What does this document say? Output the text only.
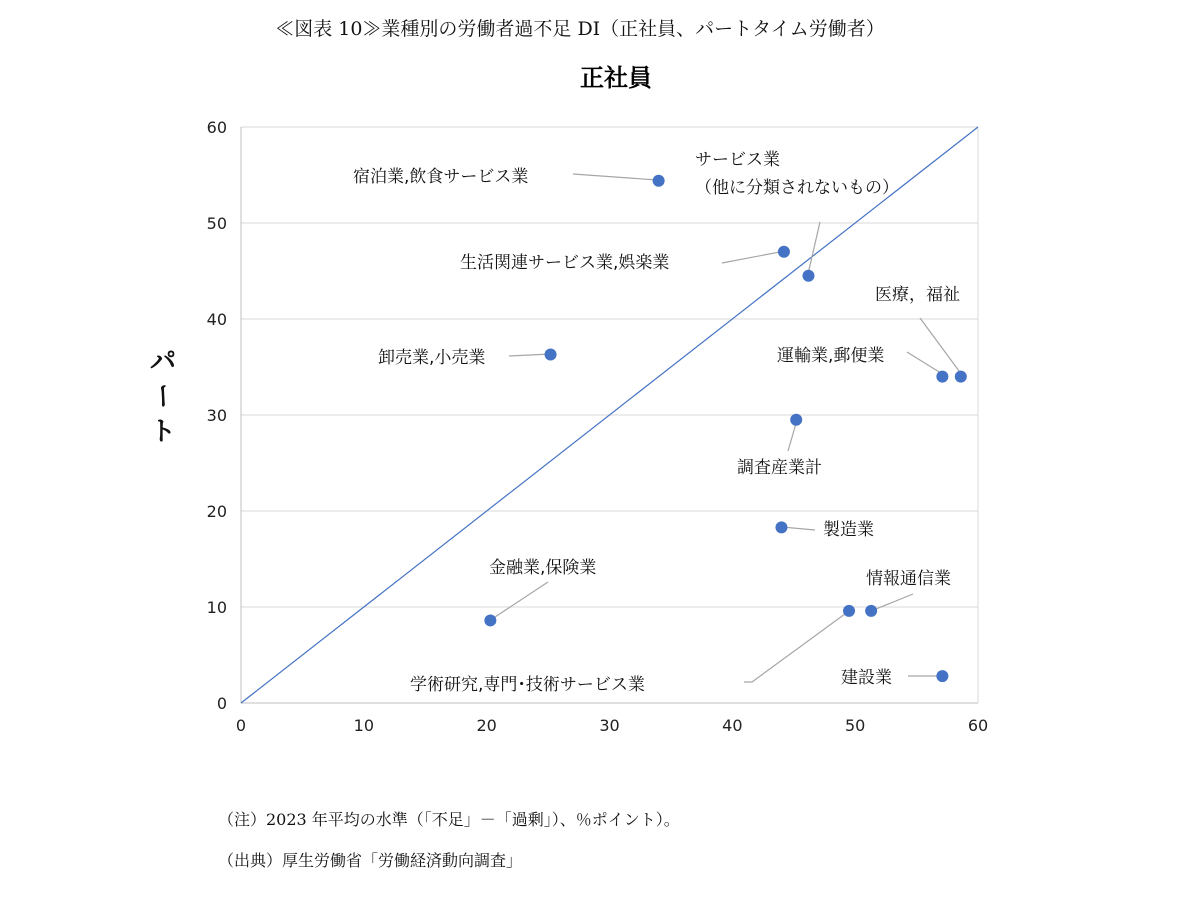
≪図表 10≫業種別の労働者過不足 DI（正社員、パートタイム労働者）
宿泊業,飲食サービス業
サービス業（他に分類されないもの）
生活関連サービス業,娯楽業
医療，福祉
運輸業,郵便業
卸売業,小売業
調査産業計
製造業
金融業,保険業
情報通信業
学術研究,専門･技術サービス業	建設業
0	10	20	30	40	50	60
0
10
20
30
40
50
60
正社員
パ
ー
ト
（注）2023 年平均の水準（「不足」－「過剰」）、％ポイント）。
（出典）厚生労働省「労働経済動向調査」
